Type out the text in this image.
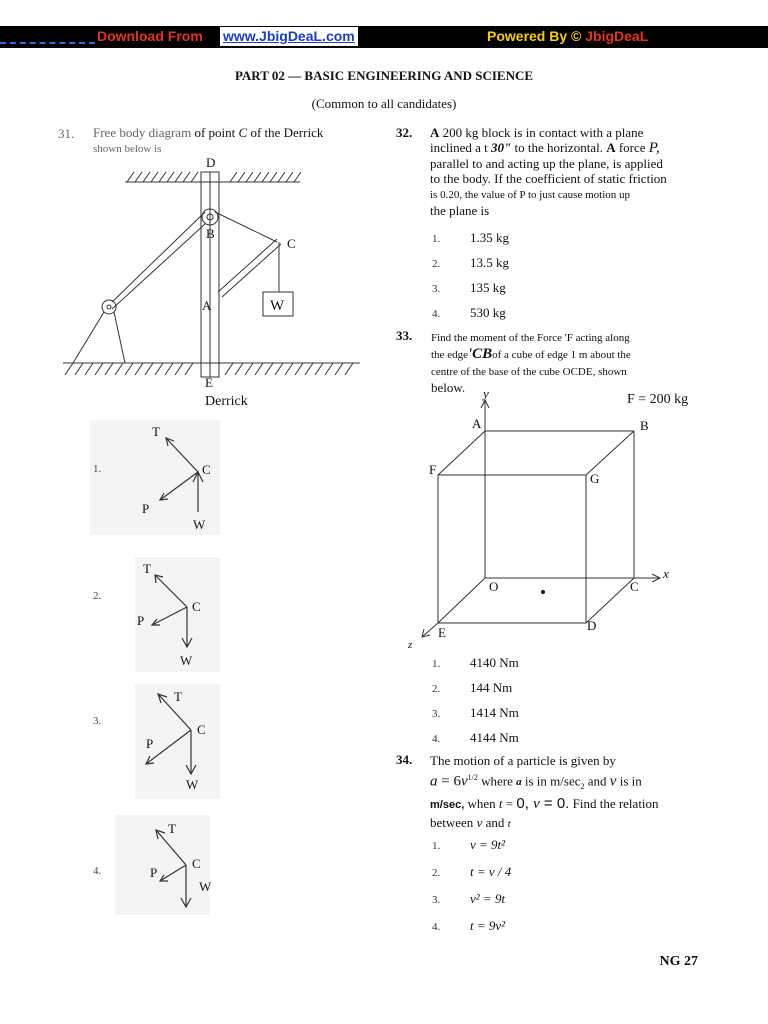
Download From www.JbigDeaL.com	Powered By © JbigDeaL
PART 02 — BASIC ENGINEERING AND SCIENCE
(Common to all candidates)
31. Free body diagram of point C of the Derrick
shown below is
D
B
C
A	W
E
Derrick
1.
T
C
P
W
2.
T
C
P
W
3.
T
C
P
W
4.
T
C
P
W
32. A 200 kg block is in contact with a plane
inclined a t 30" to the horizontal. A force P,
parallel to and acting up the plane, is applied
to the body. If the coefficient of static friction
is 0.20, the value of P to just cause motion up
the plane is
1. 1.35 kg
2. 13.5 kg
3. 135 kg
4. 530 kg
33. Find the moment of the Force 'F acting along
the edge'CBof a cube of edge 1 m about the
centre of the base of the cube OCDE, shown
below.	y	F = 200 kg
A	B
F
G
O	C
x
E	D
z
1. 4140 Nm
2. 144 Nm
3. 1414 Nm
4. 4144 Nm
34. The motion of a particle is given by
$a = 6v^{1/2}$ where a is in $m/\sec_2$ and v is in
m/sec, when t = 0, v = 0. Find the relation
between v and t
1. v = 9t²
2. t = v / 4
3. v² = 9t
4. t = 9v²
NG 27
